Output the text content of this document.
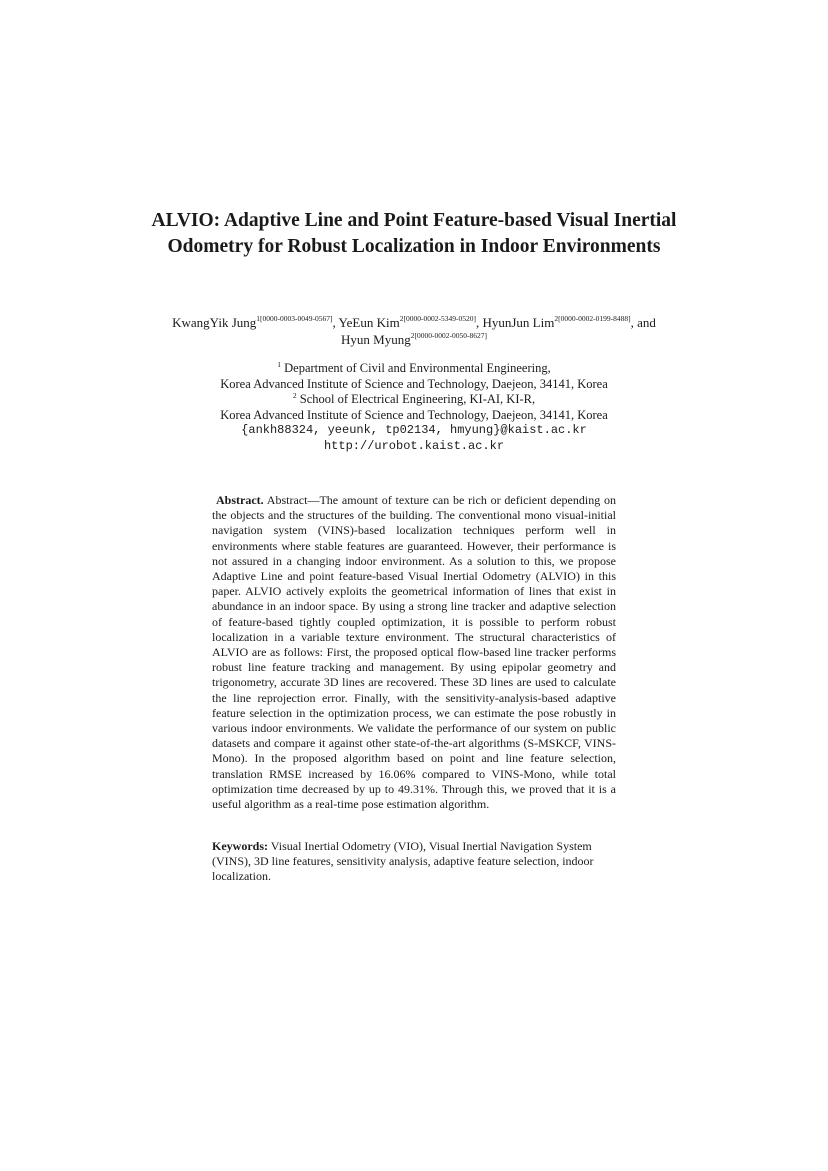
ALVIO: Adaptive Line and Point Feature-based Visual Inertial Odometry for Robust Localization in Indoor Environments

KwangYik Jung$^{1[0000-0003-0049-0567]}$, YeEun Kim$^{2[0000-0002-5349-0520]}$, HyunJun Lim$^{2[0000-0002-0199-8488]}$, and Hyun Myung$^{2[0000-0002-0050-8627]}$

$^1$ Department of Civil and Environmental Engineering,
Korea Advanced Institute of Science and Technology, Daejeon, 34141, Korea
$^2$ School of Electrical Engineering, KI-AI, KI-R,
Korea Advanced Institute of Science and Technology, Daejeon, 34141, Korea
{ankh88324, yeeunk, tp02134, hmyung}@kaist.ac.kr
http://urobot.kaist.ac.kr

Abstract. Abstract—The amount of texture can be rich or deficient depending on the objects and the structures of the building. The conventional mono visual-initial navigation system (VINS)-based localization techniques perform well in environments where stable features are guaranteed. However, their performance is not assured in a changing indoor environment. As a solution to this, we propose Adaptive Line and point feature-based Visual Inertial Odometry (ALVIO) in this paper. ALVIO actively exploits the geometrical information of lines that exist in abundance in an indoor space. By using a strong line tracker and adaptive selection of feature-based tightly coupled optimization, it is possible to perform robust localization in a variable texture environment. The structural characteristics of ALVIO are as follows: First, the proposed optical flow-based line tracker performs robust line feature tracking and management. By using epipolar geometry and trigonometry, accurate 3D lines are recovered. These 3D lines are used to calculate the line reprojection error. Finally, with the sensitivity-analysis-based adaptive feature selection in the optimization process, we can estimate the pose robustly in various indoor environments. We validate the performance of our system on public datasets and compare it against other state-of-the-art algorithms (S-MSKCF, VINS-Mono). In the proposed algorithm based on point and line feature selection, translation RMSE increased by 16.06% compared to VINS-Mono, while total optimization time decreased by up to 49.31%. Through this, we proved that it is a useful algorithm as a real-time pose estimation algorithm.

Keywords: Visual Inertial Odometry (VIO), Visual Inertial Navigation System (VINS), 3D line features, sensitivity analysis, adaptive feature selection, indoor localization.
